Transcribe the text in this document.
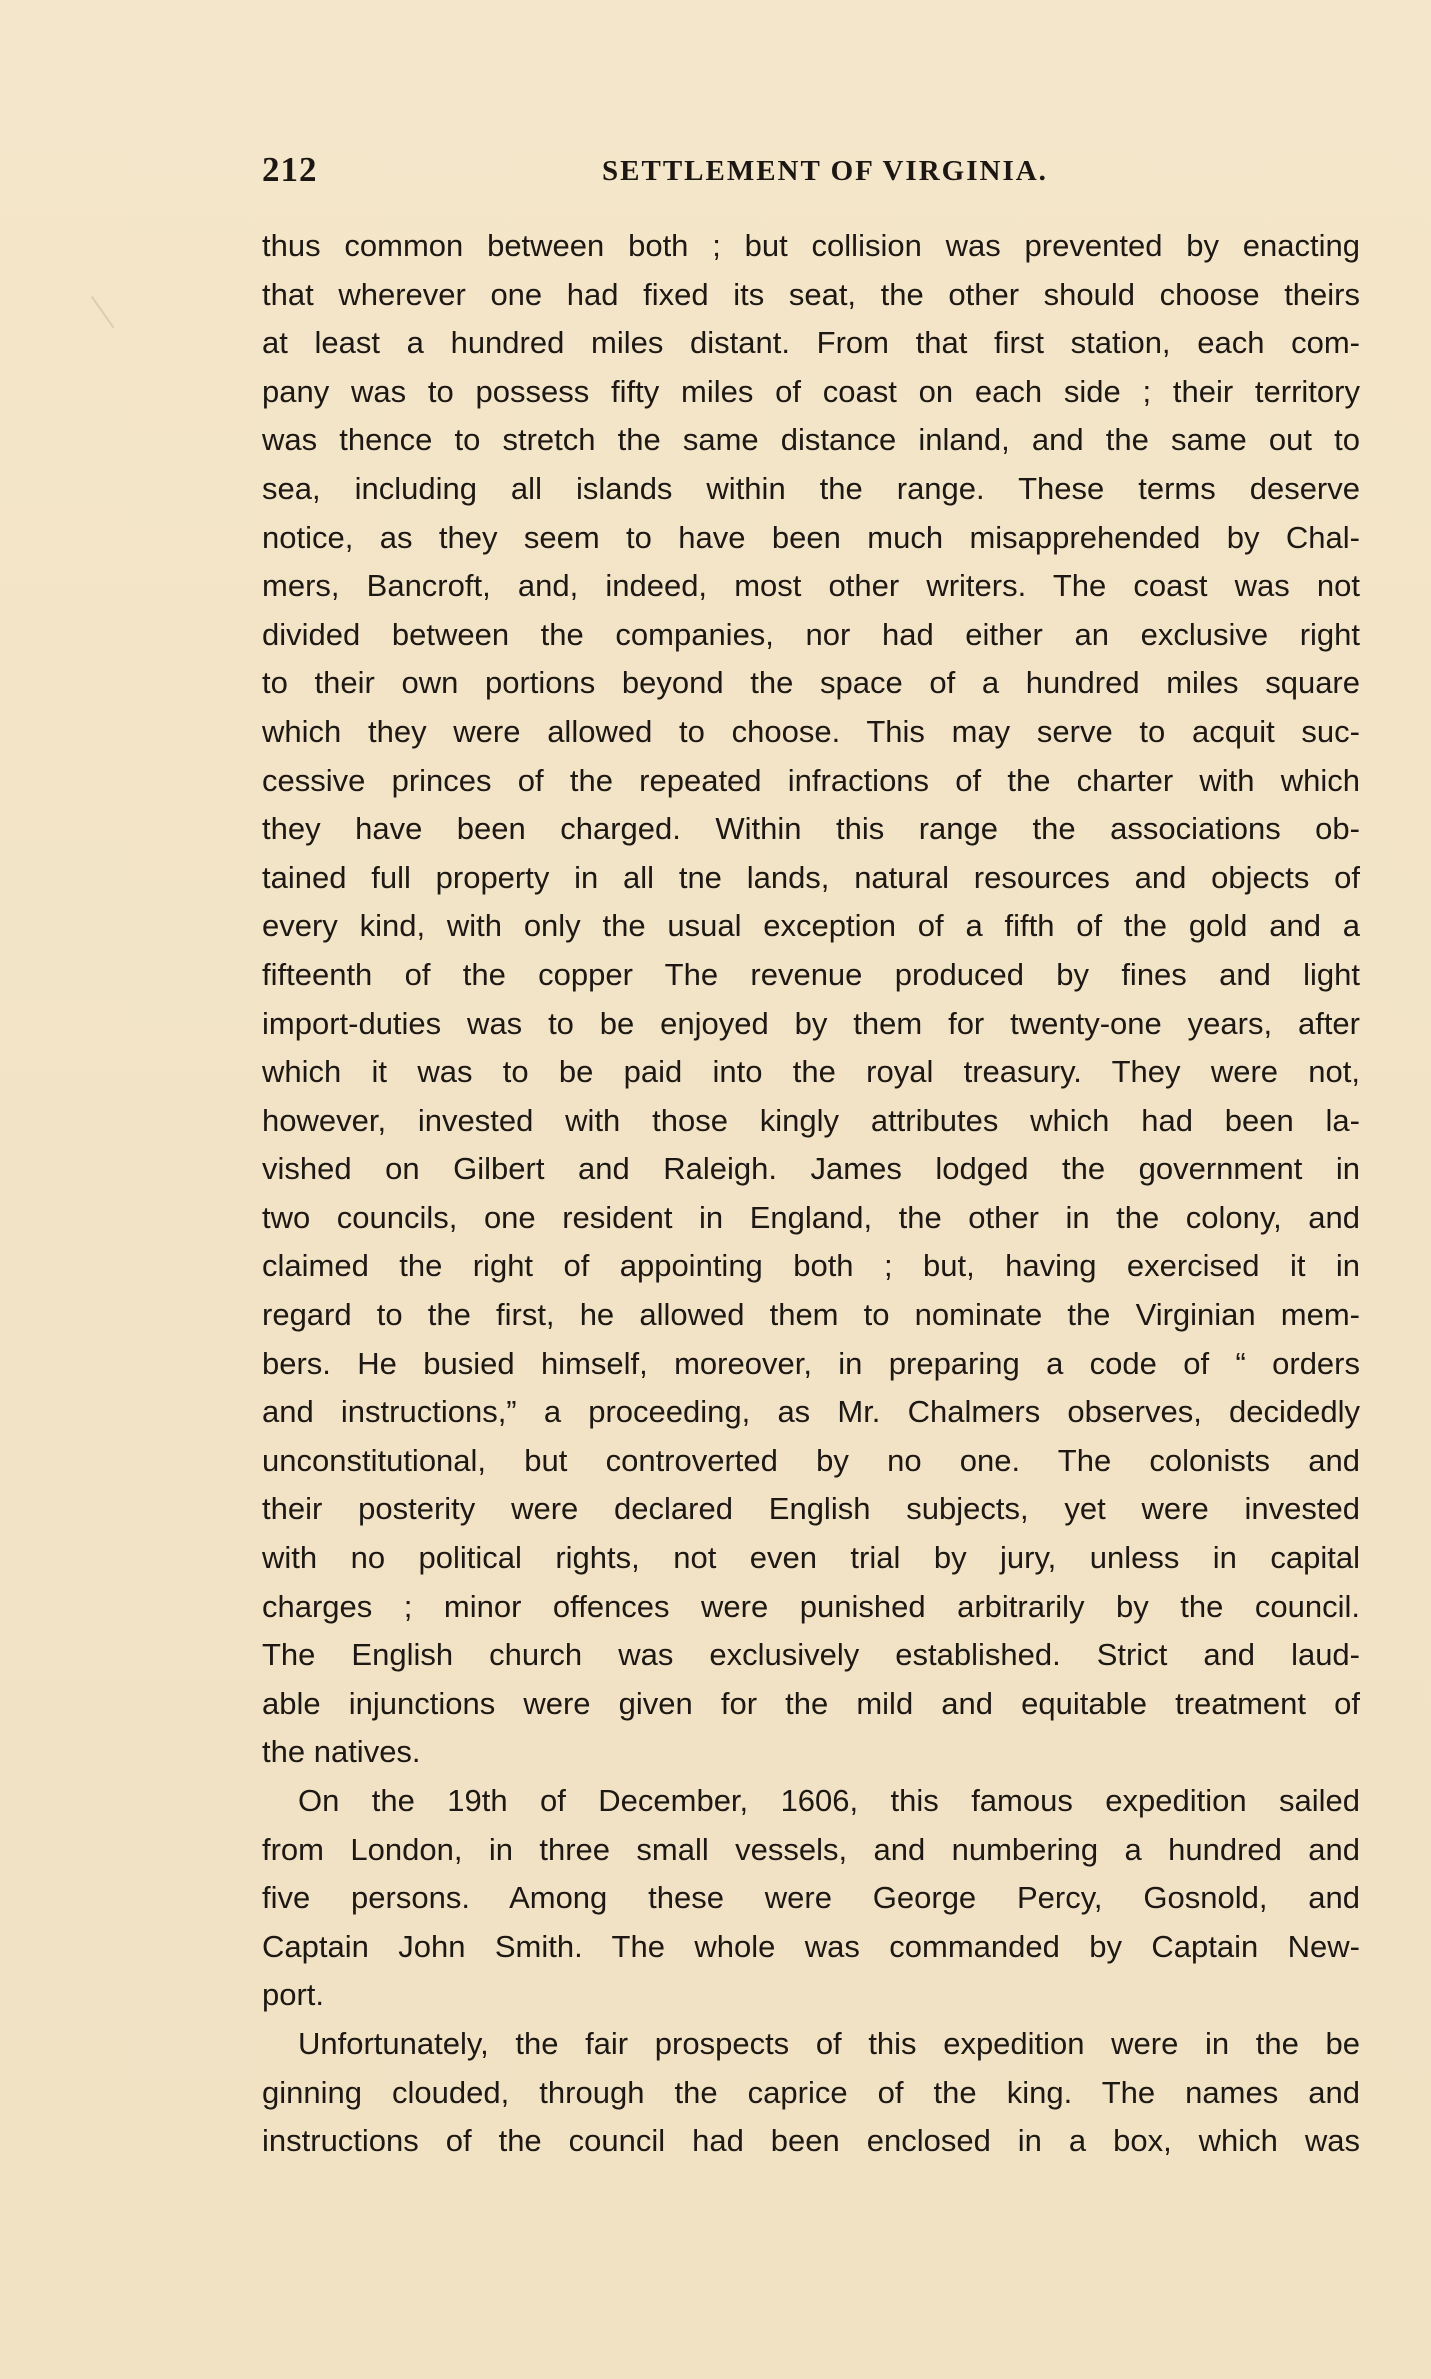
212	SETTLEMENT OF VIRGINIA.
thus common between both ; but collision was prevented by enacting
that wherever one had fixed its seat, the other should choose theirs
at least a hundred miles distant. From that first station, each com-
pany was to possess fifty miles of coast on each side ; their territory
was thence to stretch the same distance inland, and the same out to
sea, including all islands within the range. These terms deserve
notice, as they seem to have been much misapprehended by Chal-
mers, Bancroft, and, indeed, most other writers. The coast was not
divided between the companies, nor had either an exclusive right
to their own portions beyond the space of a hundred miles square
which they were allowed to choose. This may serve to acquit suc-
cessive princes of the repeated infractions of the charter with which
they have been charged. Within this range the associations ob-
tained full property in all tne lands, natural resources and objects of
every kind, with only the usual exception of a fifth of the gold and a
fifteenth of the copper The revenue produced by fines and light
import-duties was to be enjoyed by them for twenty-one years, after
which it was to be paid into the royal treasury. They were not,
however, invested with those kingly attributes which had been la-
vished on Gilbert and Raleigh. James lodged the government in
two councils, one resident in England, the other in the colony, and
claimed the right of appointing both ; but, having exercised it in
regard to the first, he allowed them to nominate the Virginian mem-
bers. He busied himself, moreover, in preparing a code of “ orders
and instructions,” a proceeding, as Mr. Chalmers observes, decidedly
unconstitutional, but controverted by no one. The colonists and
their posterity were declared English subjects, yet were invested
with no political rights, not even trial by jury, unless in capital
charges ; minor offences were punished arbitrarily by the council.
The English church was exclusively established. Strict and laud-
able injunctions were given for the mild and equitable treatment of
the natives.
On the 19th of December, 1606, this famous expedition sailed
from London, in three small vessels, and numbering a hundred and
five persons. Among these were George Percy, Gosnold, and
Captain John Smith. The whole was commanded by Captain New-
port.
Unfortunately, the fair prospects of this expedition were in the be
ginning clouded, through the caprice of the king. The names and
instructions of the council had been enclosed in a box, which was
